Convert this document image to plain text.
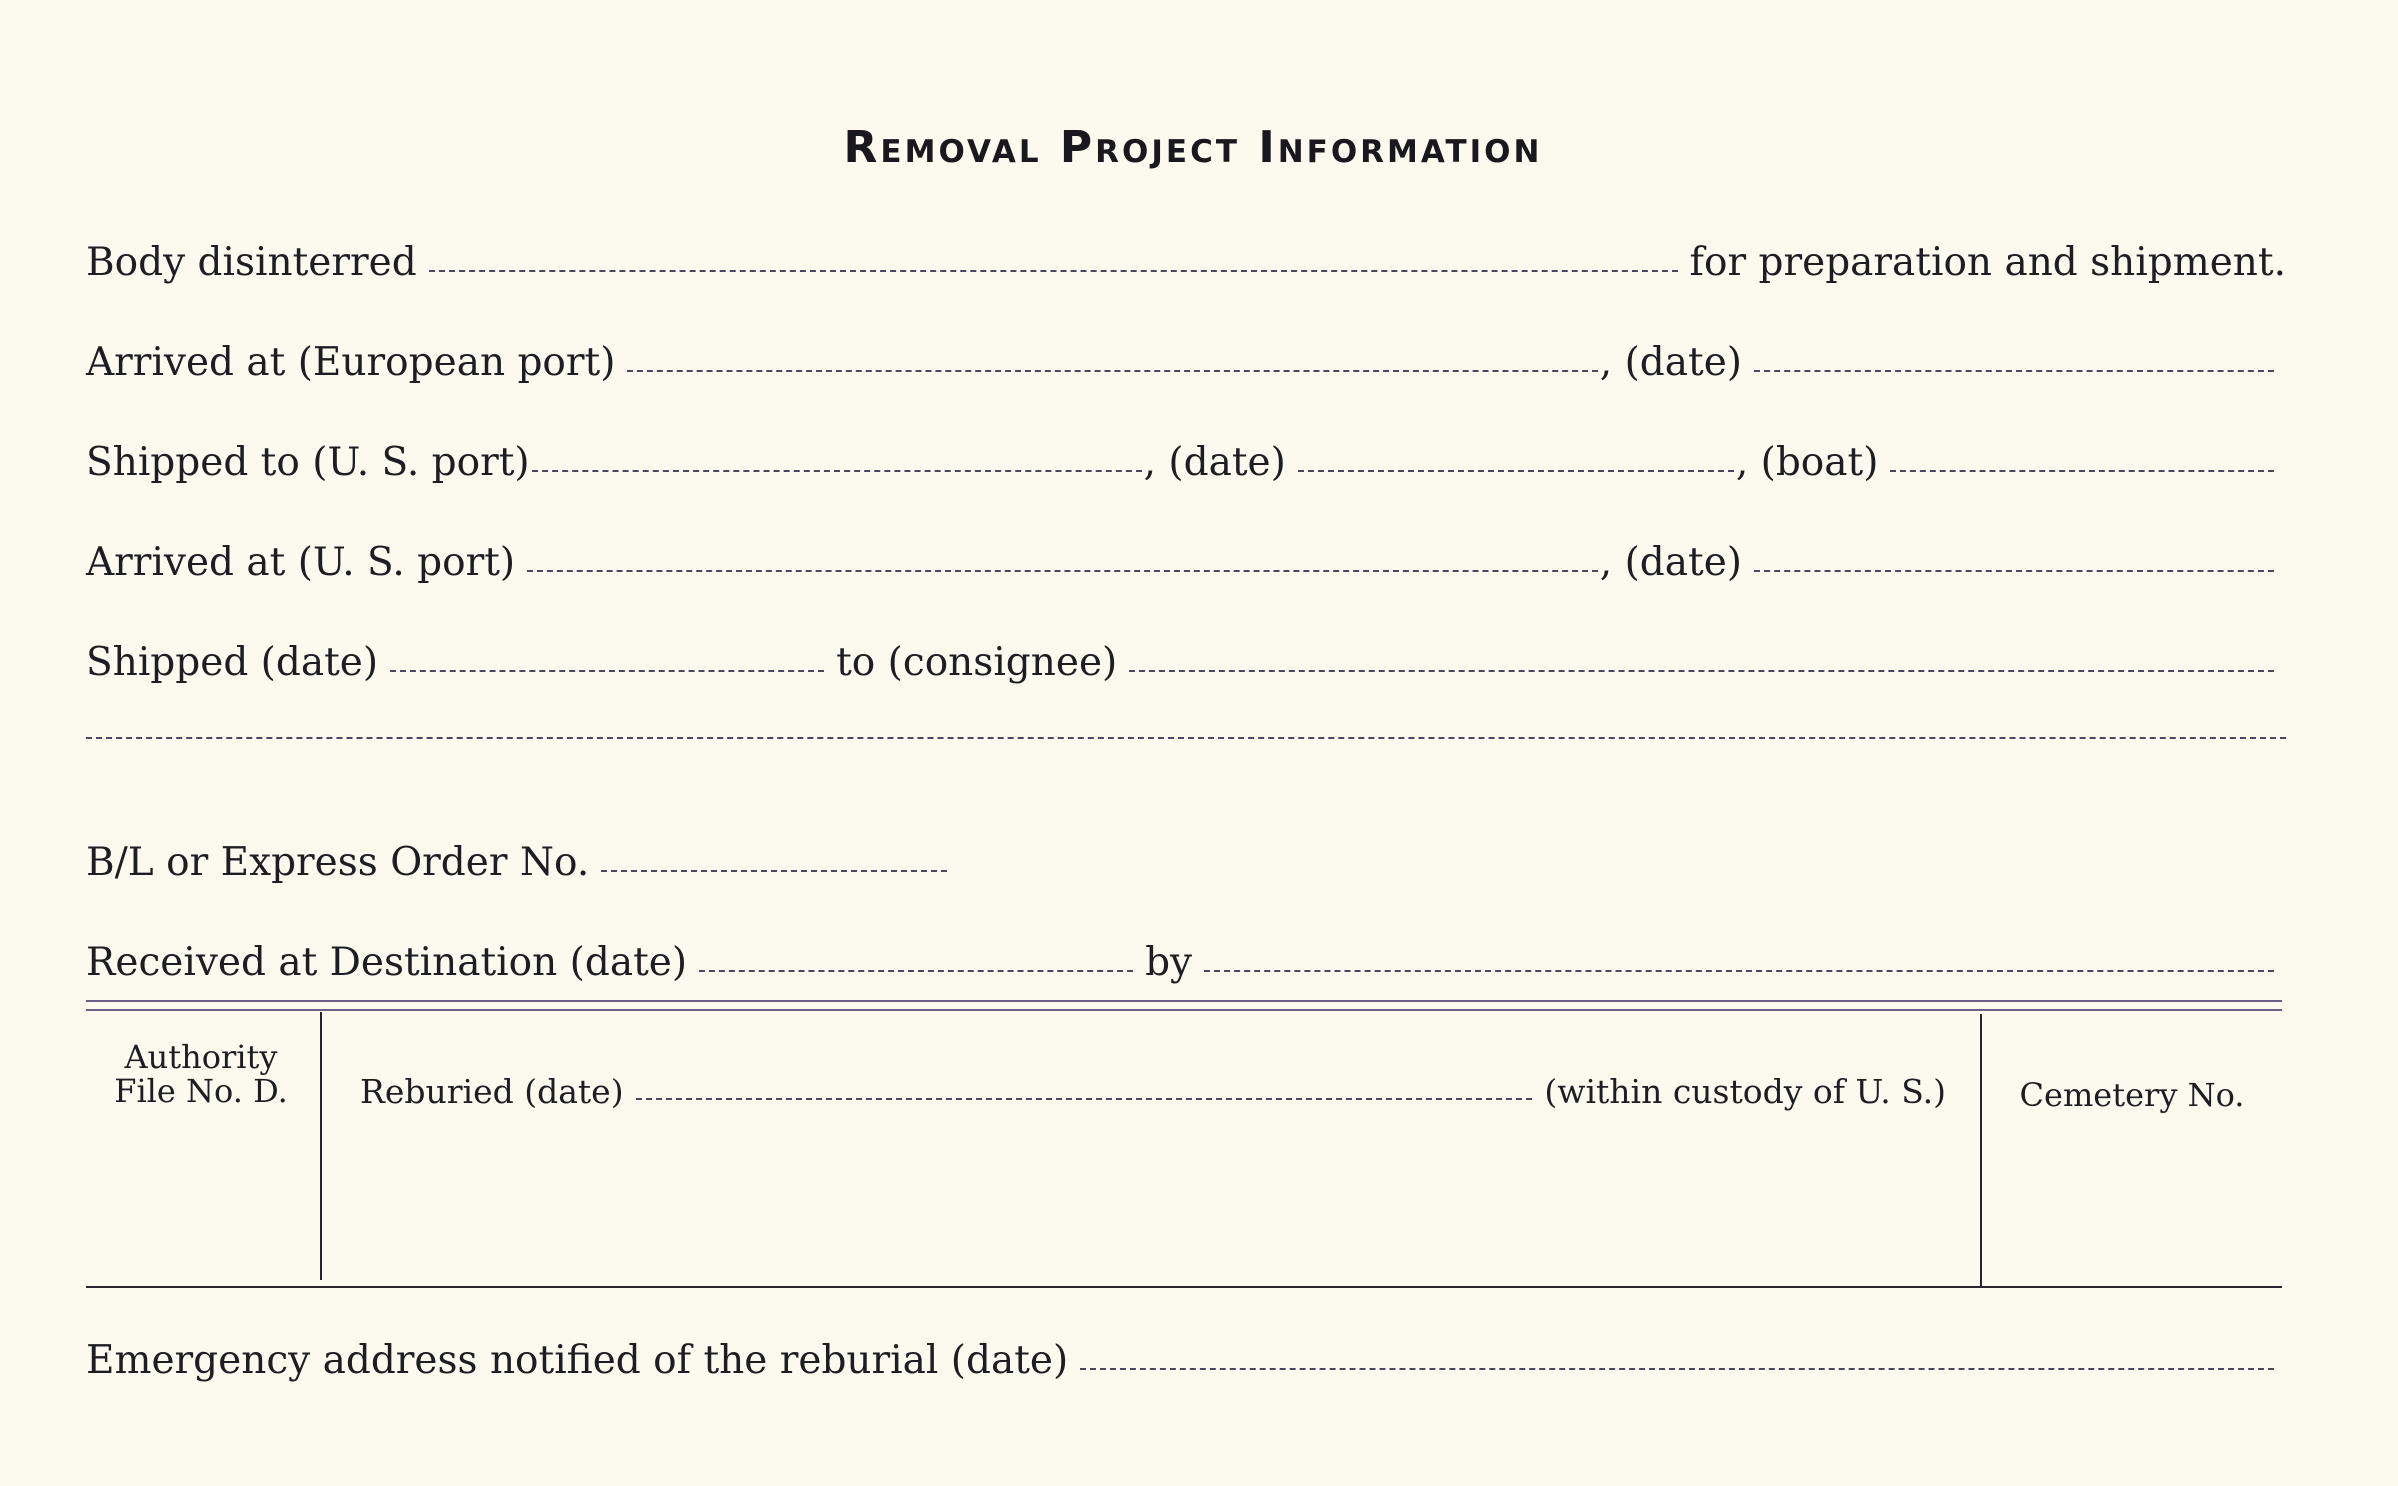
Removal Project Information
Body disinterred	for preparation and shipment.
Arrived at (European port)	, (date)
Shipped to (U. S. port)	, (date)	, (boat)
Arrived at (U. S. port)	, (date)
Shipped (date)	to (consignee)
B/L or Express Order No.
Received at Destination (date)	by
Authority
File No. D.	Reburied (date)	(within custody of U. S.)	Cemetery No.
Emergency address notified of the reburial (date)
